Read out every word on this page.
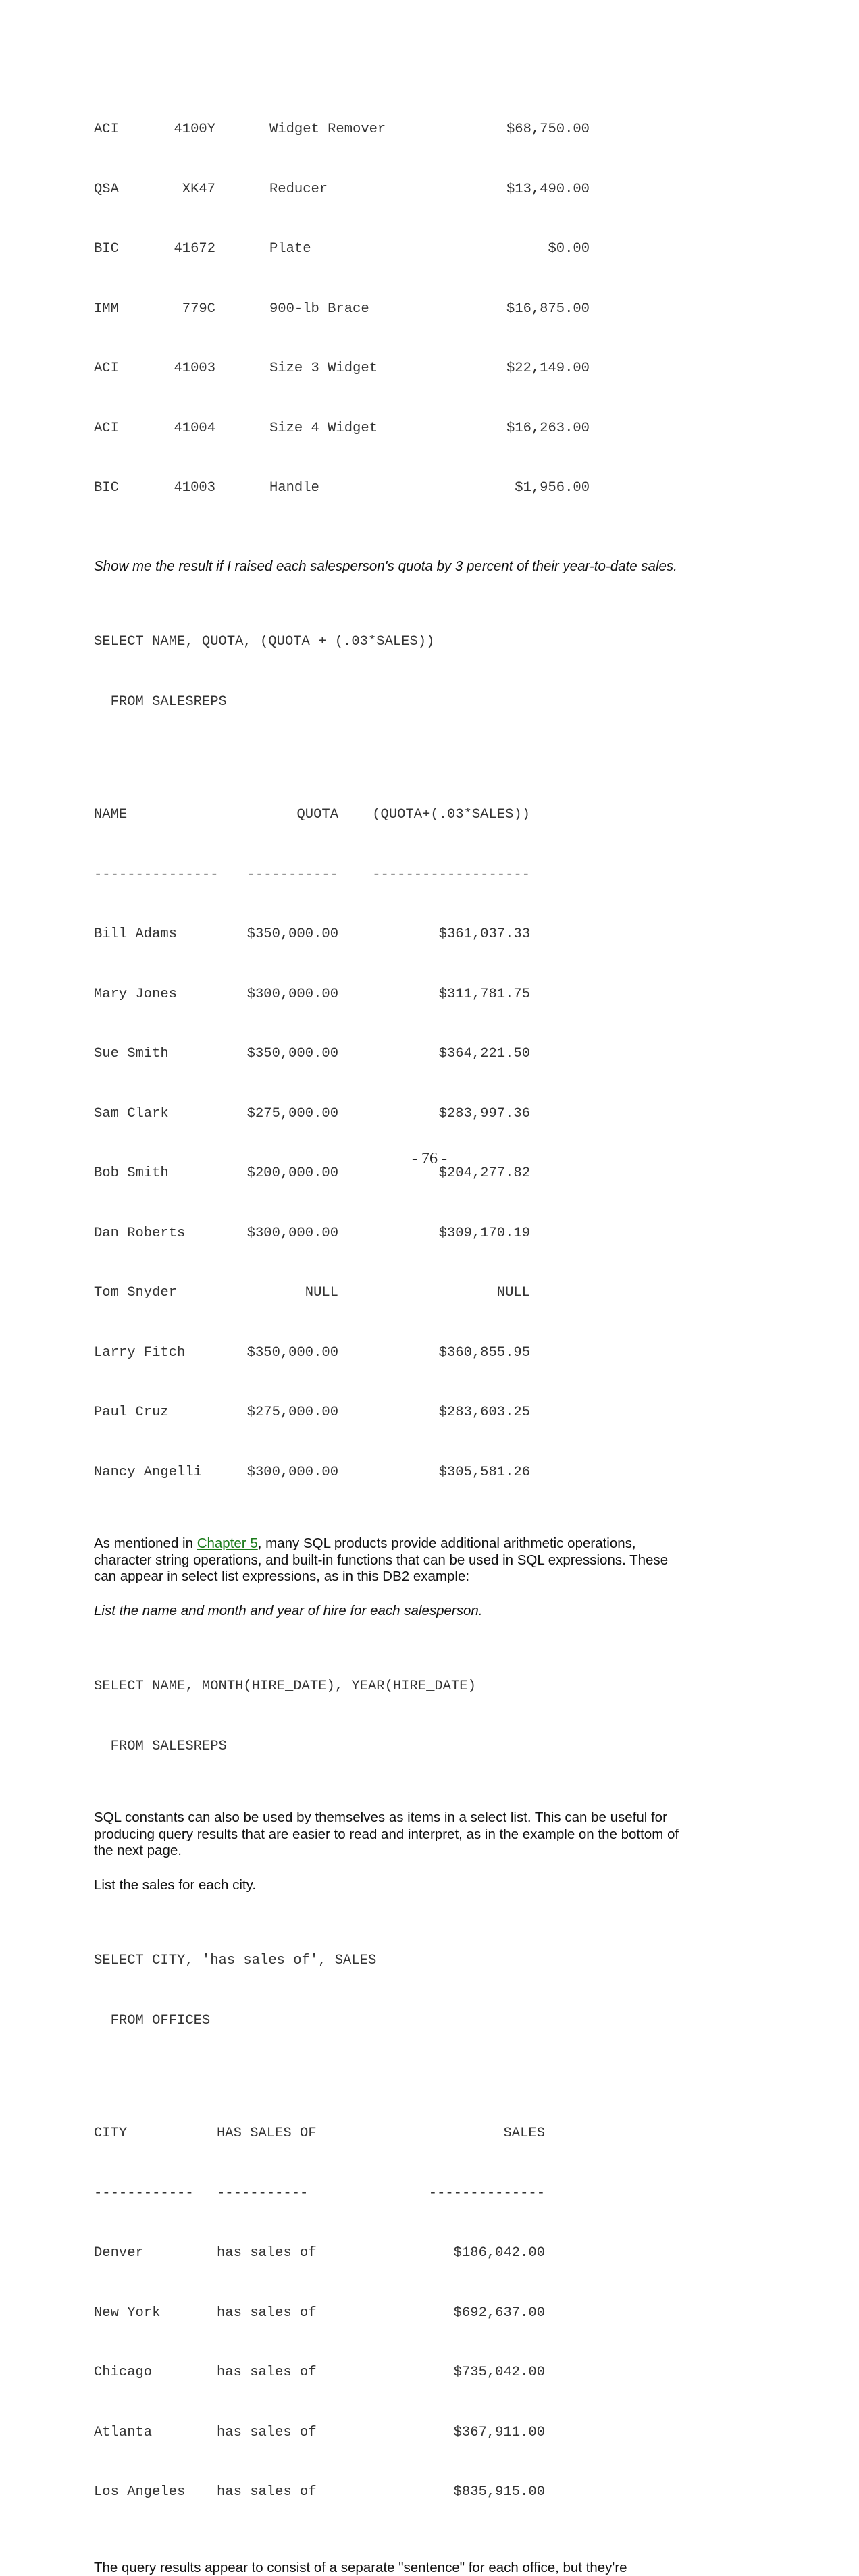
ACI	4100Y	Widget Remover	$68,750.00

QSA	XK47	Reducer	$13,490.00

BIC	41672	Plate	$0.00

IMM	779C	900-lb Brace	$16,875.00

ACI	41003	Size 3 Widget	$22,149.00

ACI	41004	Size 4 Widget	$16,263.00

BIC	41003	Handle	$1,956.00

Show me the result if I raised each salesperson's quota by 3 percent of their year-to-date sales.

SELECT NAME, QUOTA, (QUOTA + (.03*SALES))

FROM SALESREPS

NAME	QUOTA (QUOTA+(.03*SALES))

--------------- ----------- -------------------

Bill Adams	$350,000.00	$361,037.33

Mary Jones	$300,000.00	$311,781.75

Sue Smith	$350,000.00	$364,221.50

Sam Clark	$275,000.00	$283,997.36

Bob Smith	$200,000.00	$204,277.82

Dan Roberts	$300,000.00	$309,170.19

Tom Snyder	NULL	NULL

Larry Fitch	$350,000.00	$360,855.95

Paul Cruz	$275,000.00	$283,603.25

Nancy Angelli	$300,000.00	$305,581.26

As mentioned in Chapter 5, many SQL products provide additional arithmetic operations, character string operations, and built-in functions that can be used in SQL expressions. These can appear in select list expressions, as in this DB2 example:

List the name and month and year of hire for each salesperson.

SELECT NAME, MONTH(HIRE_DATE), YEAR(HIRE_DATE)

FROM SALESREPS

SQL constants can also be used by themselves as items in a select list. This can be useful for producing query results that are easier to read and interpret, as in the example on the bottom of the next page.

List the sales for each city.

SELECT CITY, 'has sales of', SALES

FROM OFFICES

CITY	HAS SALES OF	SALES

------------ -----------	--------------

Denver	has sales of	$186,042.00

New York	has sales of	$692,637.00

Chicago	has sales of	$735,042.00

Atlanta	has sales of	$367,911.00

Los Angeles has sales of	$835,915.00

The query results appear to consist of a separate "sentence" for each office, but they're

- 76 -
